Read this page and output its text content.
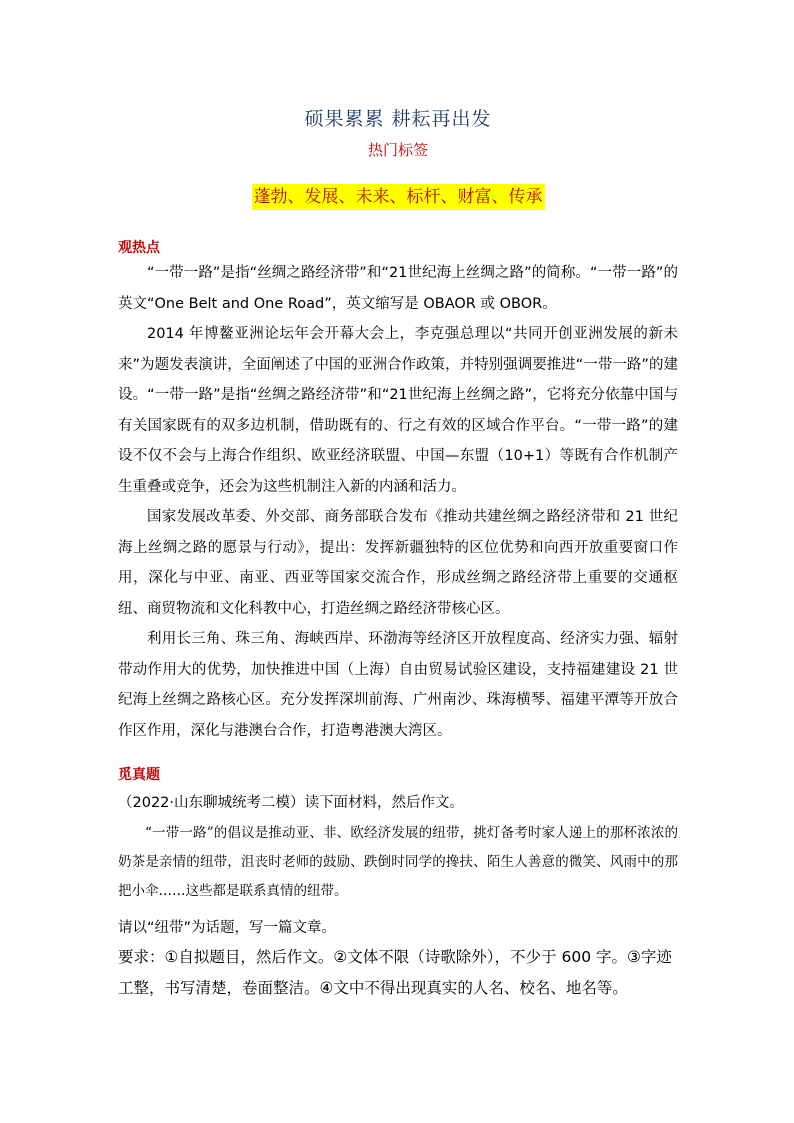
硕果累累 耕耘再出发
热门标签
蓬勃、发展、未来、标杆、财富、传承
观热点

“一带一路”是指“丝绸之路经济带”和“21世纪海上丝绸之路”的简称。“一带一路”的英文“One Belt and One Road”，英文缩写是 OBAOR 或 OBOR。

2014 年博鳌亚洲论坛年会开幕大会上，李克强总理以“共同开创亚洲发展的新未来”为题发表演讲，全面阐述了中国的亚洲合作政策，并特别强调要推进“一带一路”的建设。“一带一路”是指“丝绸之路经济带”和“21世纪海上丝绸之路”，它将充分依靠中国与有关国家既有的双多边机制，借助既有的、行之有效的区域合作平台。“一带一路”的建设不仅不会与上海合作组织、欧亚经济联盟、中国—东盟（10+1）等既有合作机制产生重叠或竞争，还会为这些机制注入新的内涵和活力。

国家发展改革委、外交部、商务部联合发布《推动共建丝绸之路经济带和 21 世纪海上丝绸之路的愿景与行动》，提出：发挥新疆独特的区位优势和向西开放重要窗口作用，深化与中亚、南亚、西亚等国家交流合作，形成丝绸之路经济带上重要的交通枢纽、商贸物流和文化科教中心，打造丝绸之路经济带核心区。

利用长三角、珠三角、海峡西岸、环渤海等经济区开放程度高、经济实力强、辐射带动作用大的优势，加快推进中国（上海）自由贸易试验区建设，支持福建建设 21 世纪海上丝绸之路核心区。充分发挥深圳前海、广州南沙、珠海横琴、福建平潭等开放合作区作用，深化与港澳台合作，打造粤港澳大湾区。

觅真题
（2022·山东聊城统考二模）读下面材料，然后作文。

“一带一路”的倡议是推动亚、非、欧经济发展的纽带，挑灯备考时家人递上的那杯浓浓的奶茶是亲情的纽带，沮丧时老师的鼓励、跌倒时同学的搀扶、陌生人善意的微笑、风雨中的那把小伞……这些都是联系真情的纽带。

请以“纽带”为话题，写一篇文章。

要求：①自拟题目，然后作文。②文体不限（诗歌除外），不少于 600 字。③字迹工整，书写清楚，卷面整洁。④文中不得出现真实的人名、校名、地名等。
